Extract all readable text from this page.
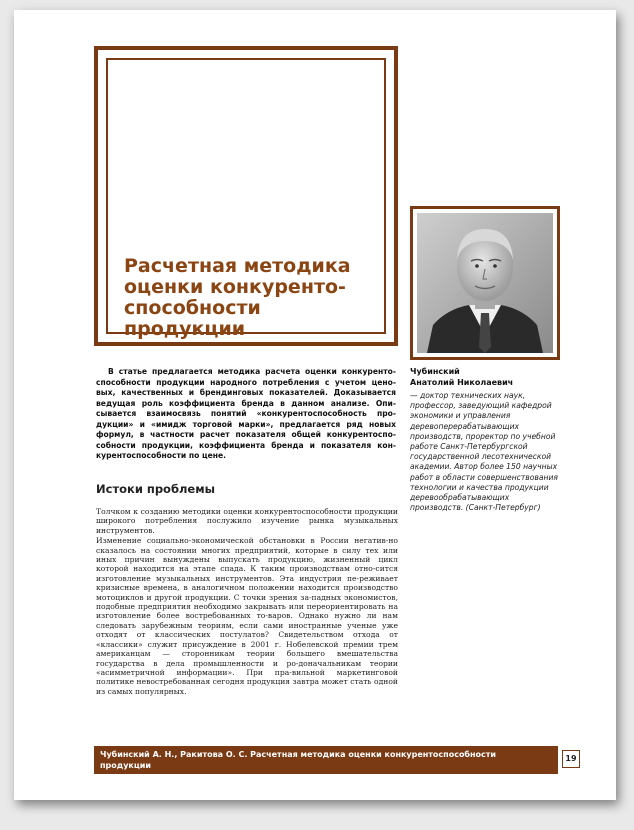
Расчетная методика
оценки конкуренто-
способности
продукции

В статье предлагается методика расчета оценки конкуренто-способности продукции народного потребления с учетом цено-вых, качественных и брендинговых показателей. Доказывается ведущая роль коэффициента бренда в данном анализе. Опи-сывается взаимосвязь понятий «конкурентоспособность про-дукции» и «имидж торговой марки», предлагается ряд новых формул, в частности расчет показателя общей конкурентоспо-собности продукции, коэффициента бренда и показателя кон-курентоспособности по цене.

Истоки проблемы

Толчком к созданию методики оценки конкурентоспособности продукции широкого потребления послужило изучение рынка музыкальных инструментов.

Изменение социально-экономической обстановки в России негатив-но сказалось на состоянии многих предприятий, которые в силу тех или иных причин вынуждены выпускать продукцию, жизненный цикл которой находится на этапе спада. К таким производствам отно-сится изготовление музыкальных инструментов. Эта индустрия пе-реживает кризисные времена, в аналогичном положении находится производство мотоциклов и другой продукции. С точки зрения за-падных экономистов, подобные предприятия необходимо закрывать или переориентировать на изготовление более востребованных то-варов. Однако нужно ли нам следовать зарубежным теориям, если сами иностранные ученые уже отходят от классических постулатов? Свидетельством отхода от «классики» служит присуждение в 2001 г. Нобелевской премии трем американцам — сторонникам теории большего вмешательства государства в дела промышленности и ро-доначальникам теории «асимметричной информации». При пра-вильной маркетинговой политике невостребованная сегодня продукция завтра может стать одной из самых популярных.

Чубинский
Анатолий Николаевич

— доктор технических наук, профессор, заведующий кафедрой экономики и управления деревоперерабатывающих производств, проректор по учебной работе Санкт-Петербургской государственной лесотехнической академии. Автор более 150 научных работ в области совершенствования технологии и качества продукции деревообрабатывающих производств. (Санкт-Петербург)

Чубинский А. Н., Ракитова О. С. Расчетная методика оценки конкурентоспособности продукции

19
